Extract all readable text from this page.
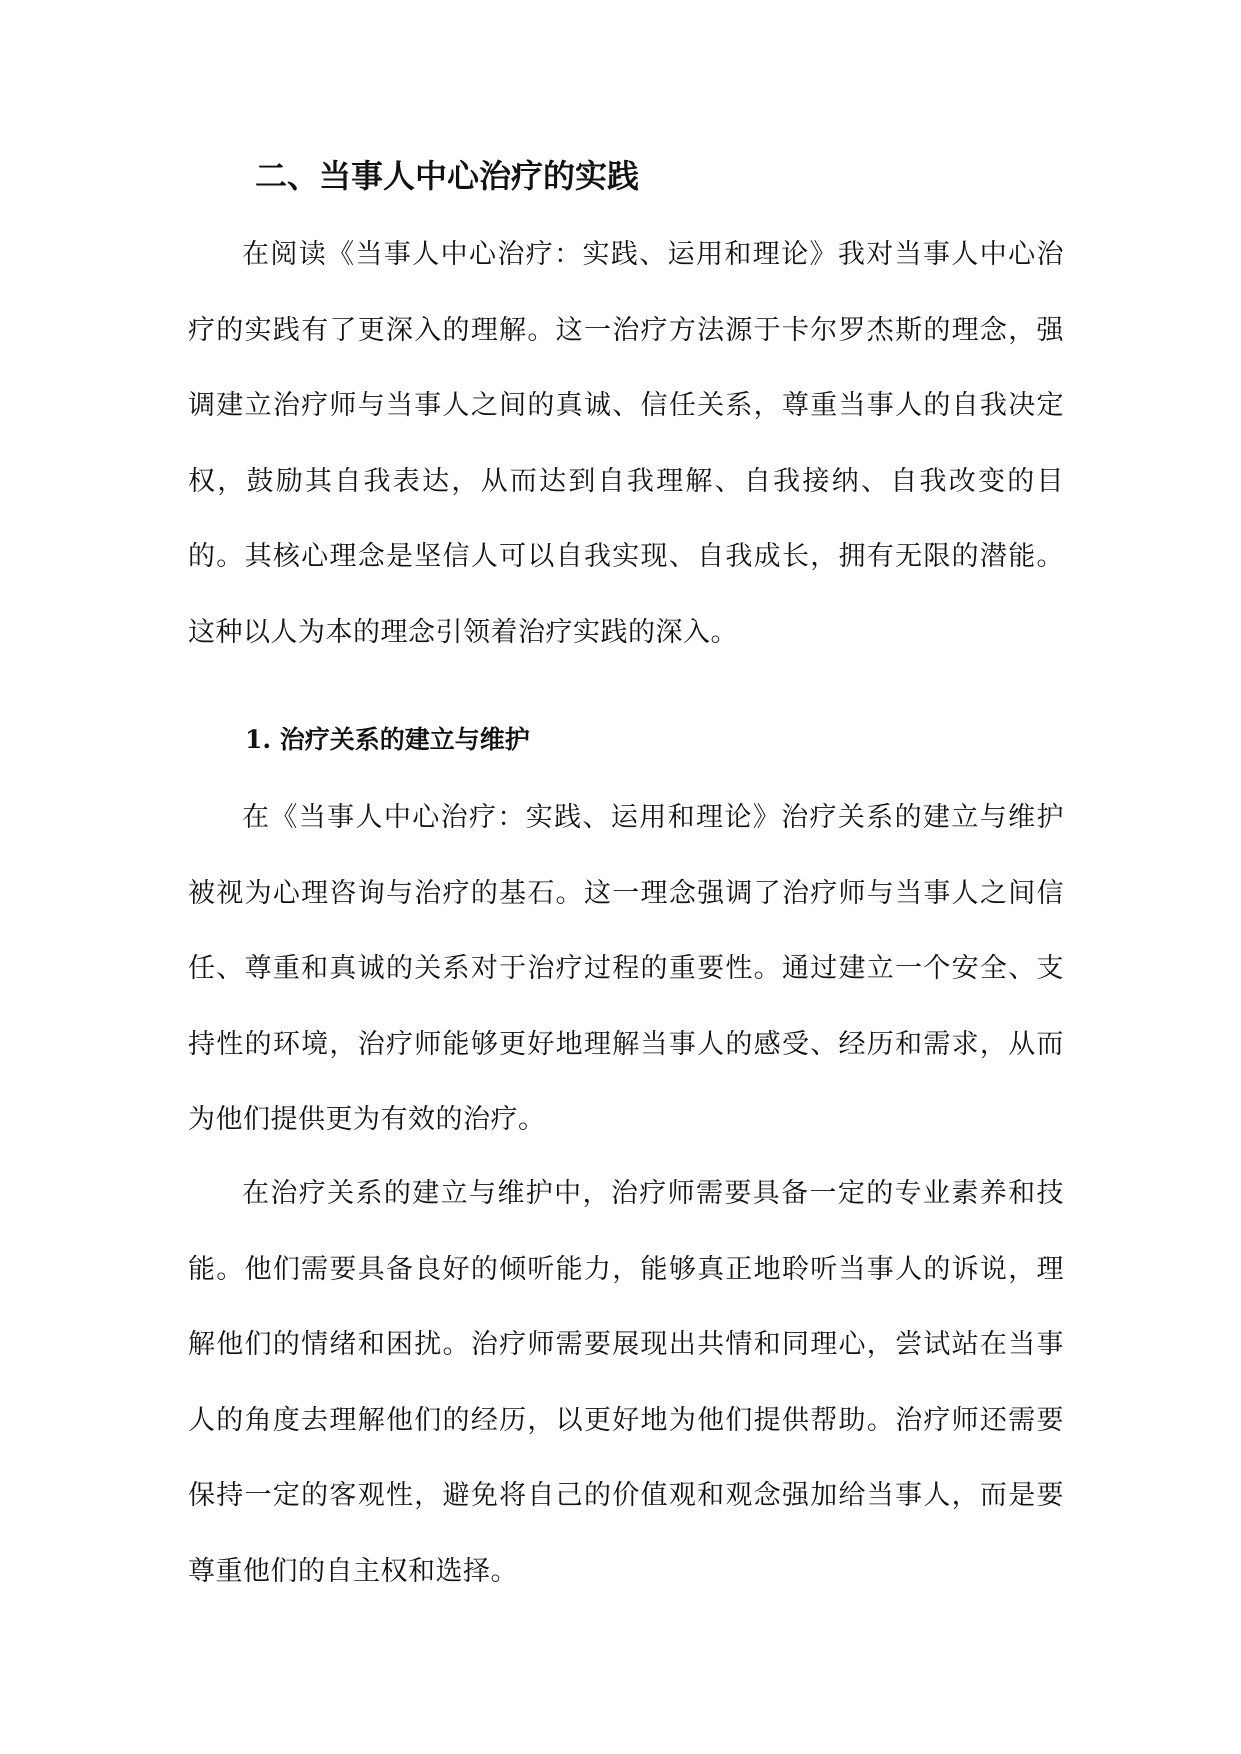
二、当事人中心治疗的实践

在阅读《当事人中心治疗：实践、运用和理论》我对当事人中心治疗的实践有了更深入的理解。这一治疗方法源于卡尔罗杰斯的理念，强调建立治疗师与当事人之间的真诚、信任关系，尊重当事人的自我决定权，鼓励其自我表达，从而达到自我理解、自我接纳、自我改变的目的。其核心理念是坚信人可以自我实现、自我成长，拥有无限的潜能。这种以人为本的理念引领着治疗实践的深入。

1. 治疗关系的建立与维护

在《当事人中心治疗：实践、运用和理论》治疗关系的建立与维护被视为心理咨询与治疗的基石。这一理念强调了治疗师与当事人之间信任、尊重和真诚的关系对于治疗过程的重要性。通过建立一个安全、支持性的环境，治疗师能够更好地理解当事人的感受、经历和需求，从而为他们提供更为有效的治疗。

在治疗关系的建立与维护中，治疗师需要具备一定的专业素养和技能。他们需要具备良好的倾听能力，能够真正地聆听当事人的诉说，理解他们的情绪和困扰。治疗师需要展现出共情和同理心，尝试站在当事人的角度去理解他们的经历，以更好地为他们提供帮助。治疗师还需要保持一定的客观性，避免将自己的价值观和观念强加给当事人，而是要尊重他们的自主权和选择。
